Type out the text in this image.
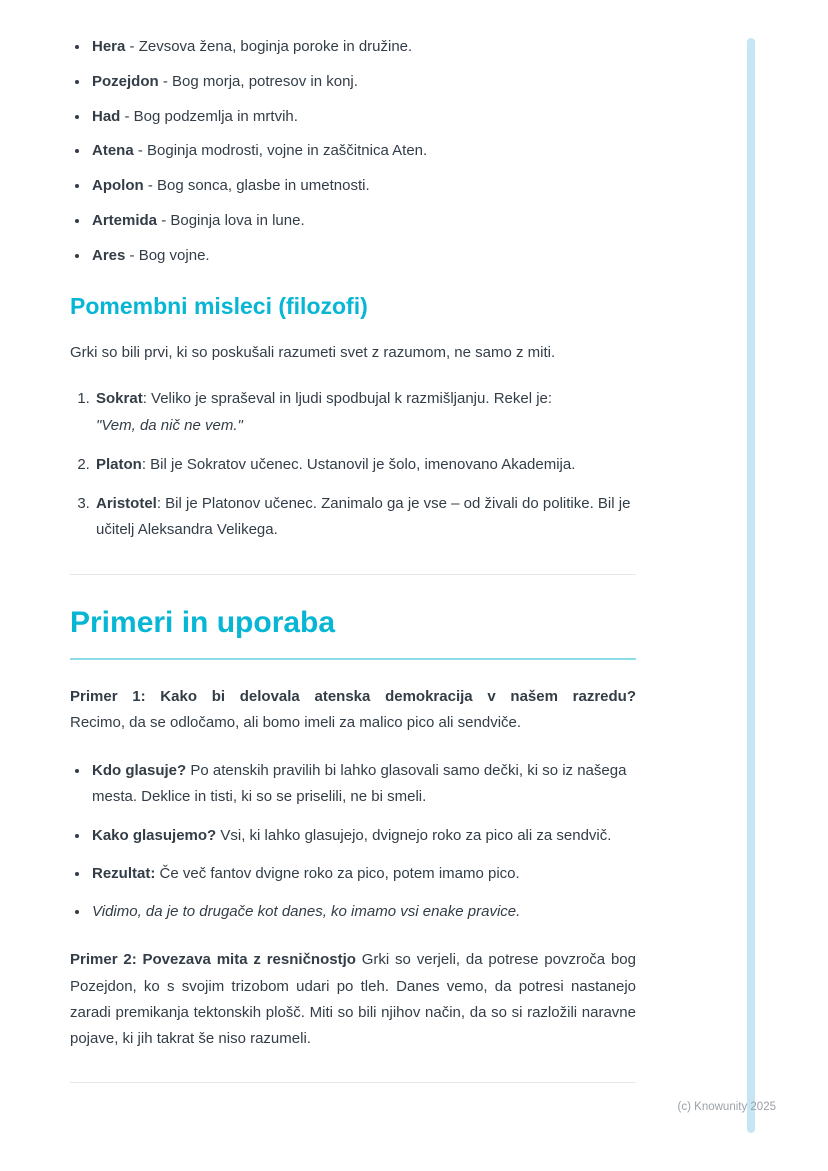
• Hera - Zevsova žena, boginja poroke in družine.
• Pozejdon - Bog morja, potresov in konj.
• Had - Bog podzemlja in mrtvih.
• Atena - Boginja modrosti, vojne in zaščitnica Aten.
• Apolon - Bog sonca, glasbe in umetnosti.
• Artemida - Boginja lova in lune.
• Ares - Bog vojne.
Pomembni misleci (filozofi)

Grki so bili prvi, ki so poskušali razumeti svet z razumom, ne samo z miti.

1. Sokrat: Veliko je spraševal in ljudi spodbujal k razmišljanju. Rekel je:
"Vem, da nič ne vem."
2. Platon: Bil je Sokratov učenec. Ustanovil je šolo, imenovano Akademija.
3. Aristotel: Bil je Platonov učenec. Zanimalo ga je vse – od živali do politike. Bil je učitelj Aleksandra Velikega.
Primeri in uporaba

Primer 1: Kako bi delovala atenska demokracija v našem razredu?
Recimo, da se odločamo, ali bomo imeli za malico pico ali sendviče.

• Kdo glasuje? Po atenskih pravilih bi lahko glasovali samo dečki, ki so iz našega mesta. Deklice in tisti, ki so se priselili, ne bi smeli.
• Kako glasujemo? Vsi, ki lahko glasujejo, dvignejo roko za pico ali za sendvič.
• Rezultat: Če več fantov dvigne roko za pico, potem imamo pico.
• Vidimo, da je to drugače kot danes, ko imamo vsi enake pravice.

Primer 2: Povezava mita z resničnostjo Grki so verjeli, da potrese povzroča bog Pozejdon, ko s svojim trizobom udari po tleh. Danes vemo, da potresi nastanejo zaradi premikanja tektonskih plošč. Miti so bili njihov način, da so si razložili naravne pojave, ki jih takrat še niso razumeli.

(c) Knowunity 2025
